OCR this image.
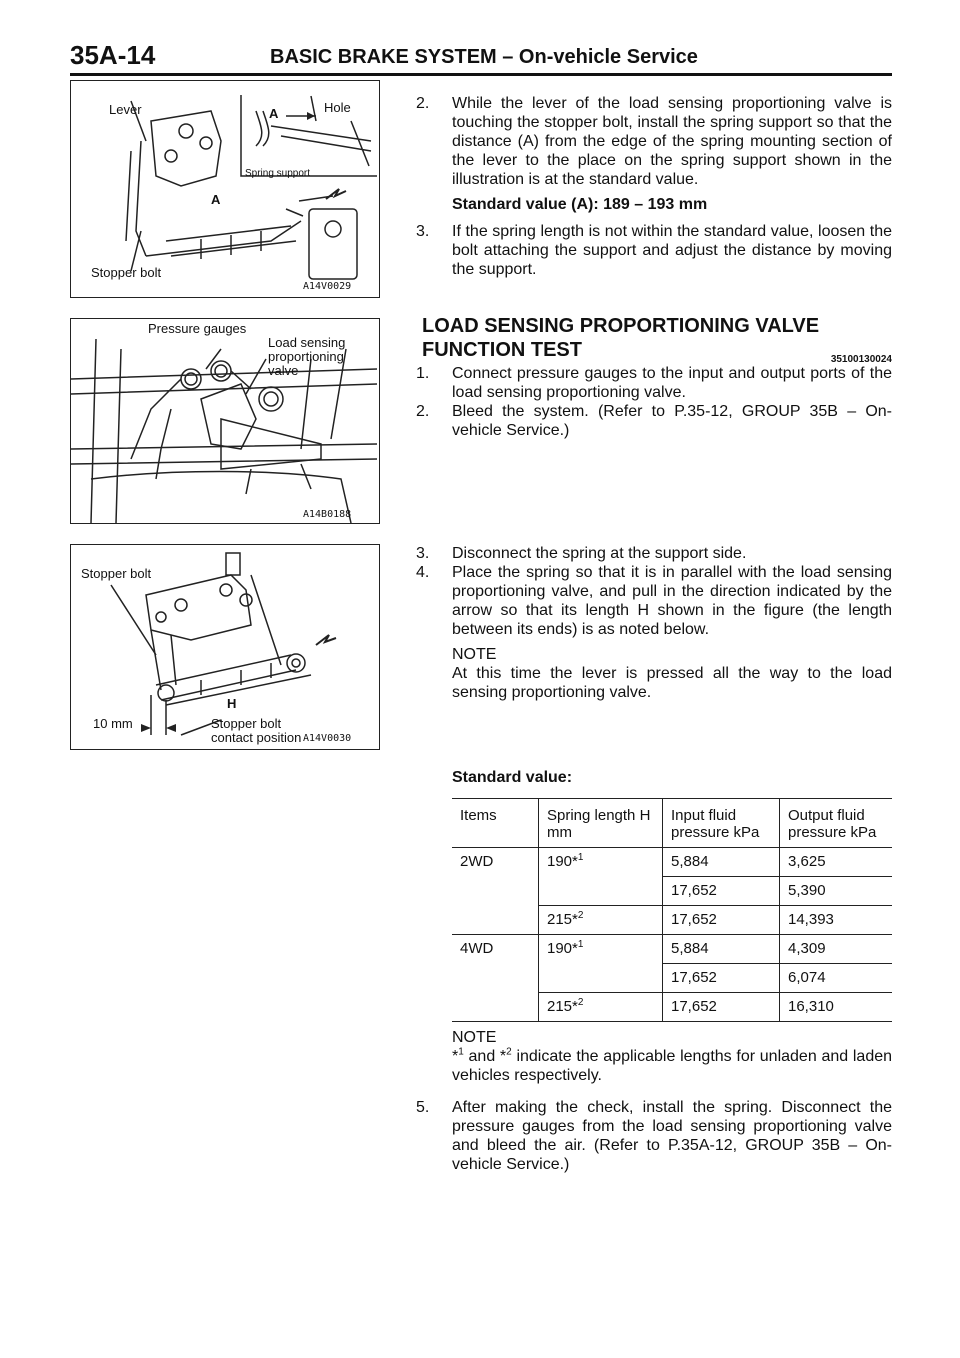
35A-14	BASIC BRAKE SYSTEM – On-vehicle Service
Lever	A	Hole
Spring support
A
Stopper bolt
A14V0029
2. While the lever of the load sensing proportioning valve is touching the stopper bolt, install the spring support so that the distance (A) from the edge of the spring mounting section of the lever to the place on the spring support shown in the illustration is at the standard value.
Standard value (A): 189 – 193 mm
3. If the spring length is not within the standard value, loosen the bolt attaching the support and adjust the distance by moving the support.
Pressure gauges
Load sensing
proportioning
valve
A14B0188
LOAD SENSING PROPORTIONING VALVE
FUNCTION TEST	35100130024
1. Connect pressure gauges to the input and output ports of the load sensing proportioning valve.
2. Bleed the system. (Refer to P.35-12, GROUP 35B – On-vehicle Service.)
Stopper bolt
H
10 mm	Stopper bolt
contact position A14V0030
3. Disconnect the spring at the support side.
4. Place the spring so that it is in parallel with the load sensing proportioning valve, and pull in the direction indicated by the arrow so that its length H shown in the figure (the length between its ends) is as noted below.
NOTE
At this time the lever is pressed all the way to the load sensing proportioning valve.
Standard value:
Items	Spring length H mm	Input fluid pressure kPa	Output fluid pressure kPa
2WD	190*$^1$	5,884	3,625
		17,652	5,390
	215*$^2$	17,652	14,393
4WD	190*$^1$	5,884	4,309
		17,652	6,074
	215*$^2$	17,652	16,310
NOTE
*$^1$ and *$^2$ indicate the applicable lengths for unladen and laden vehicles respectively.
5. After making the check, install the spring. Disconnect the pressure gauges from the load sensing proportioning valve and bleed the air. (Refer to P.35A-12, GROUP 35B – On-vehicle Service.)
